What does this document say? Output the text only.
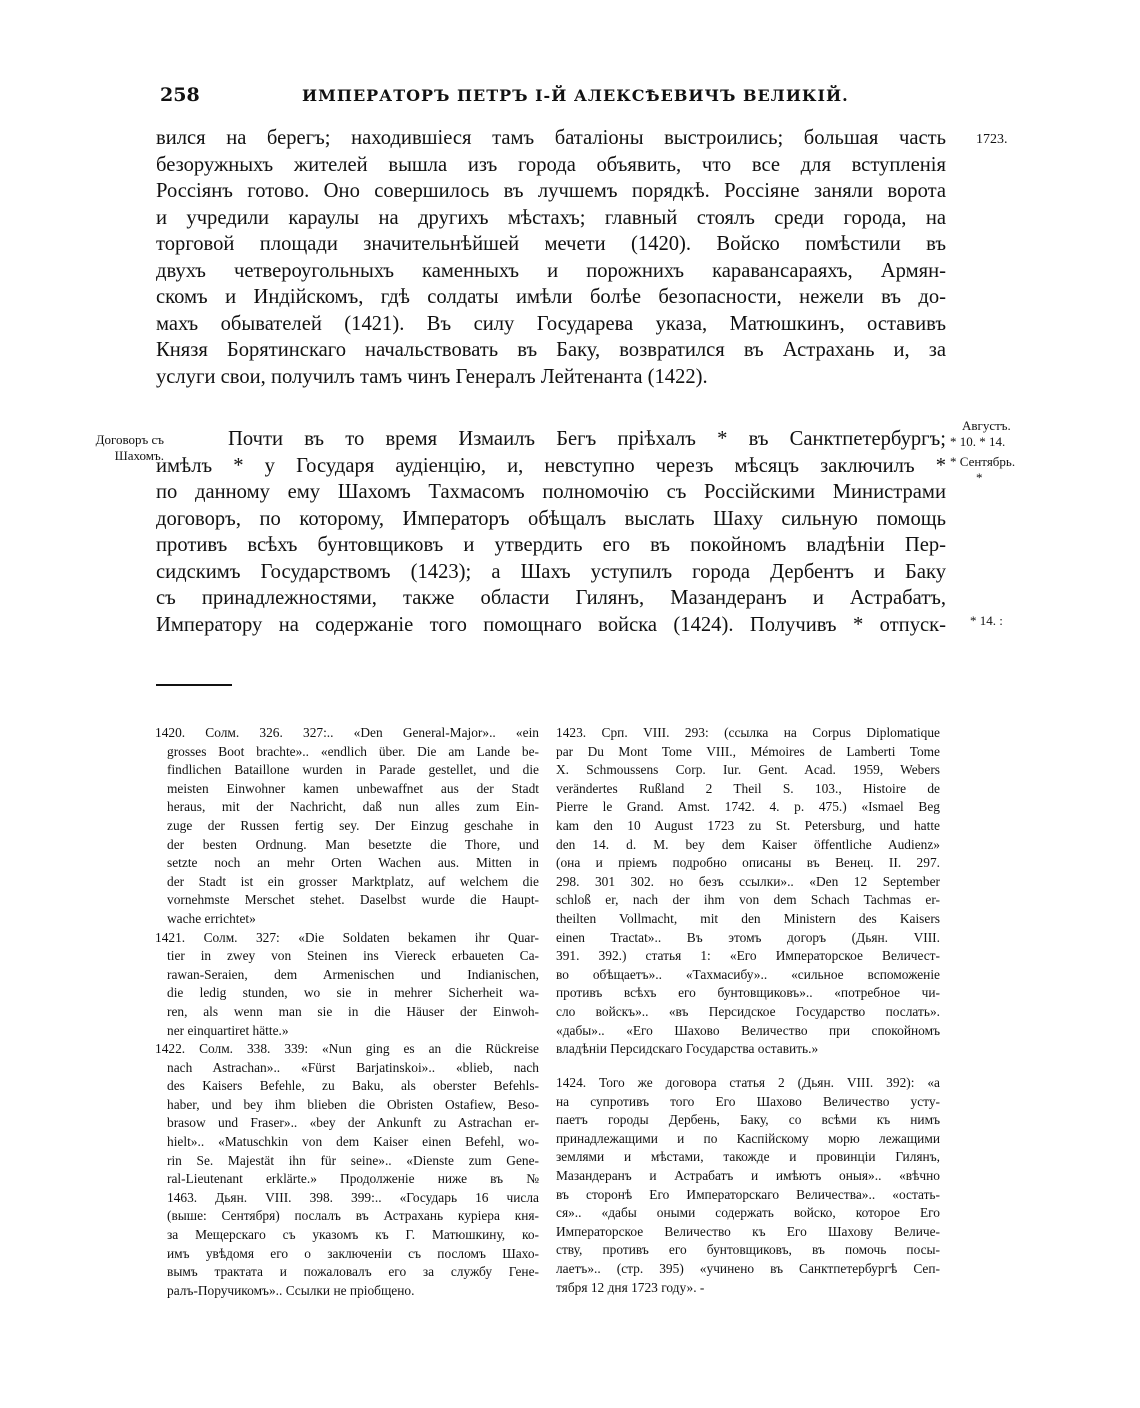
258	ИМПЕРАТОРЪ ПЕТРЪ I-Й АЛЕКСѢЕВИЧЪ ВЕЛИКІЙ.
вился на берегъ; находившіеся тамъ баталіоны выстроились; большая часть
безоружныхъ жителей вышла изъ города объявить, что все для вступленія
Россіянъ готово. Оно совершилось въ лучшемъ порядкѣ. Россіяне заняли ворота
и учредили караулы на другихъ мѣстахъ; главный стоялъ среди города, на
торговой площади значительнѣйшей мечети (1420). Войско помѣстили въ
двухъ четвероугольныхъ каменныхъ и порожнихъ каравансараяхъ, Армян-
скомъ и Индійскомъ, гдѣ солдаты имѣли болѣе безопасности, нежели въ до-
махъ обывателей (1421). Въ силу Государева указа, Матюшкинъ, оставивъ
Князя Борятинскаго начальствовать въ Баку, возвратился въ Астрахань и, за
услуги свои, получилъ тамъ чинъ Генералъ Лейтенанта (1422).
Почти въ то время Измаилъ Бегъ пріѣхалъ * въ Санктпетербургъ;
имѣлъ * у Государя аудіенцію, и, невступно черезъ мѣсяцъ заключилъ *
по данному ему Шахомъ Тахмасомъ полномочію съ Россійскими Министрами
договоръ, по которому, Императоръ обѣщалъ выслать Шаху сильную помощь
противъ всѣхъ бунтовщиковъ и утвердить его въ покойномъ владѣніи Пер-
сидскимъ Государствомъ (1423); а Шахъ уступилъ города Дербентъ и Баку
съ принадлежностями, также области Гилянъ, Мазандеранъ и Астрабатъ,
Императору на содержаніе того помощнаго войска (1424). Получивъ * отпуск-
1723.
Договоръ съ
Шахомъ.
Августъ.
* 10. * 14.
* Сентябрь.
*
* 14. :
1420. Солм. 326. 327:.. «Den General-Major».. «ein
grosses Boot brachte».. «endlich über. Die am Lande be-
findlichen Bataillone wurden in Parade gestellet, und die
meisten Einwohner kamen unbewaffnet aus der Stadt
heraus, mit der Nachricht, daß nun alles zum Ein-
zuge der Russen fertig sey. Der Einzug geschahe in
der besten Ordnung. Man besetzte die Thore, und
setzte noch an mehr Orten Wachen aus. Mitten in
der Stadt ist ein grosser Marktplatz, auf welchem die
vornehmste Merschet stehet. Daselbst wurde die Haupt-
wache errichtet»
1421. Солм. 327: «Die Soldaten bekamen ihr Quar-
tier in zwey von Steinen ins Viereck erbaueten Ca-
rawan-Seraien, dem Armenischen und Indianischen,
die ledig stunden, wo sie in mehrer Sicherheit wa-
ren, als wenn man sie in die Häuser der Einwoh-
ner einquartiret hätte.»
1422. Солм. 338. 339: «Nun ging es an die Rückreise
nach Astrachan».. «Fürst Barjatinskoi».. «blieb, nach
des Kaisers Befehle, zu Baku, als oberster Befehls-
haber, und bey ihm blieben die Obristen Ostafiew, Beso-
brasow und Fraser».. «bey der Ankunft zu Astrachan er-
hielt».. «Matuschkin von dem Kaiser einen Befehl, wo-
rin Se. Majestät ihn für seine».. «Dienste zum Gene-
ral-Lieutenant erklärte.» Продолженіе ниже въ №
1463. Дьян. VIII. 398. 399:.. «Государь 16 числа
(выше: Сентября) послалъ въ Астрахань куріера кня-
за Мещерскаго съ указомъ къ Г. Матюшкину, ко-
имъ увѣдомя его о заключеніи съ посломъ Шахо-
вымъ трактата и пожаловалъ его за службу Гене-
ралъ-Поручикомъ».. Ссылки не пріобщено.
1423. Срп. VIII. 293: (ссылка на Corpus Diplomatique
par Du Mont Tome VIII., Mémoires de Lamberti Tome
X. Schmoussens Corp. Iur. Gent. Acad. 1959, Webers
verändertes Rußland 2 Theil S. 103., Histoire de
Pierre le Grand. Amst. 1742. 4. p. 475.) «Ismael Beg
kam den 10 August 1723 zu St. Petersburg, und hatte
den 14. d. M. bey dem Kaiser öffentliche Audienz»
(она и пріемъ подробно описаны въ Венец. II. 297.
298. 301 302. но безъ ссылки».. «Den 12 September
schloß er, nach der ihm von dem Schach Tachmas er-
theilten Vollmacht, mit den Ministern des Kaisers
einen Tractat».. Въ этомъ догоръ (Дьян. VIII.
391. 392.) статья 1: «Его Императорское Величест-
во обѣщаетъ».. «Тахмасибу».. «сильное вспоможеніе
противъ всѣхъ его бунтовщиковъ».. «потребное чи-
сло войскъ».. «въ Персидское Государство послать».
«дабы».. «Его Шахово Величество при спокойномъ
владѣніи Персидскаго Государства оставить.»
1424. Того же договора статья 2 (Дьян. VIII. 392): «а
на супротивъ того Его Шахово Величество усту-
паетъ городы Дербень, Баку, со всѣми къ нимъ
принадлежащими и по Каспійскому морю лежащими
землями и мѣстами, такожде и провинціи Гилянъ,
Мазандеранъ и Астрабатъ и имѣютъ оныя».. «вѣчно
въ сторонѣ Его Императорскаго Величества».. «остать-
ся».. «дабы оными содержать войско, которое Его
Императорское Величество къ Его Шахову Величе-
ству, противъ его бунтовщиковъ, въ помочь посы-
лаетъ».. (стр. 395) «учинено въ Санктпетербургѣ Сеп-
тября 12 дня 1723 году». -
